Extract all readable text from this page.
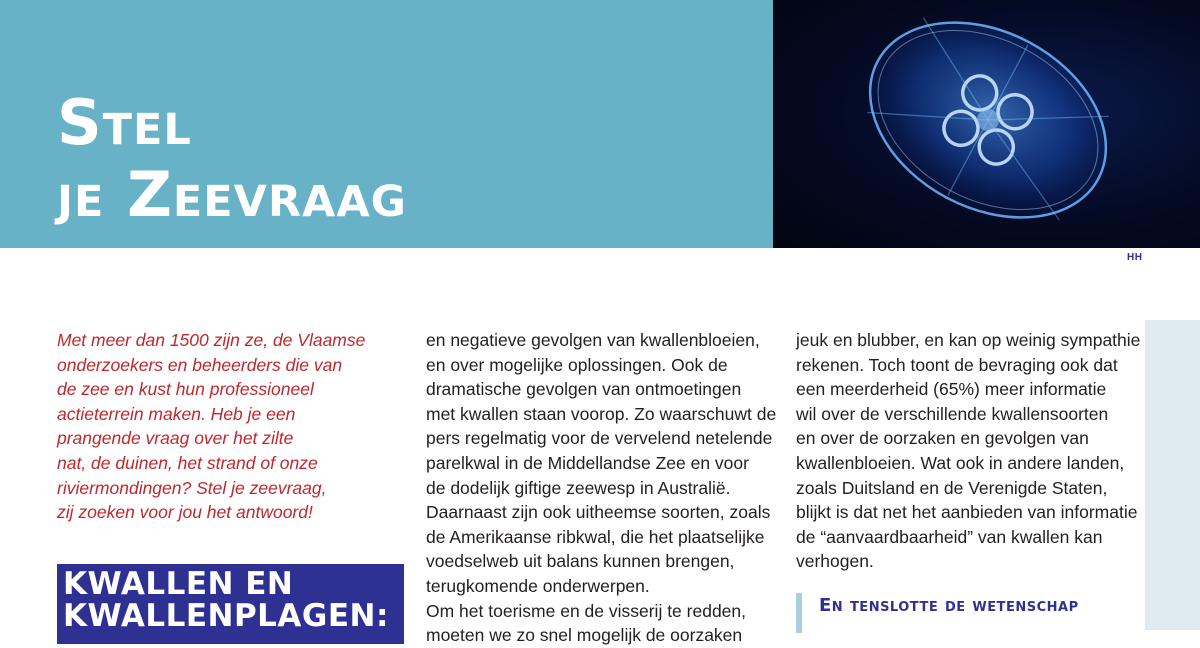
Stel
je Zeevraag
HH

Met meer dan 1500 zijn ze, de Vlaamse
onderzoekers en beheerders die van
de zee en kust hun professioneel
actieterrein maken. Heb je een
prangende vraag over het zilte
nat, de duinen, het strand of onze
riviermondingen? Stel je zeevraag,
zij zoeken voor jou het antwoord!

KWALLEN EN
KWALLENPLAGEN:

en negatieve gevolgen van kwallenbloeien,
en over mogelijke oplossingen. Ook de
dramatische gevolgen van ontmoetingen
met kwallen staan voorop. Zo waarschuwt de
pers regelmatig voor de vervelend netelende
parelkwal in de Middellandse Zee en voor
de dodelijk giftige zeewesp in Australië.
Daarnaast zijn ook uitheemse soorten, zoals
de Amerikaanse ribkwal, die het plaatselijke
voedselweb uit balans kunnen brengen,
terugkomende onderwerpen.
Om het toerisme en de visserij te redden,
moeten we zo snel mogelijk de oorzaken

jeuk en blubber, en kan op weinig sympathie
rekenen. Toch toont de bevraging ook dat
een meerderheid (65%) meer informatie
wil over de verschillende kwallensoorten
en over de oorzaken en gevolgen van
kwallenbloeien. Wat ook in andere landen,
zoals Duitsland en de Verenigde Staten,
blijkt is dat net het aanbieden van informatie
de “aanvaardbaarheid” van kwallen kan
verhogen.

En tenslotte de wetenschap
